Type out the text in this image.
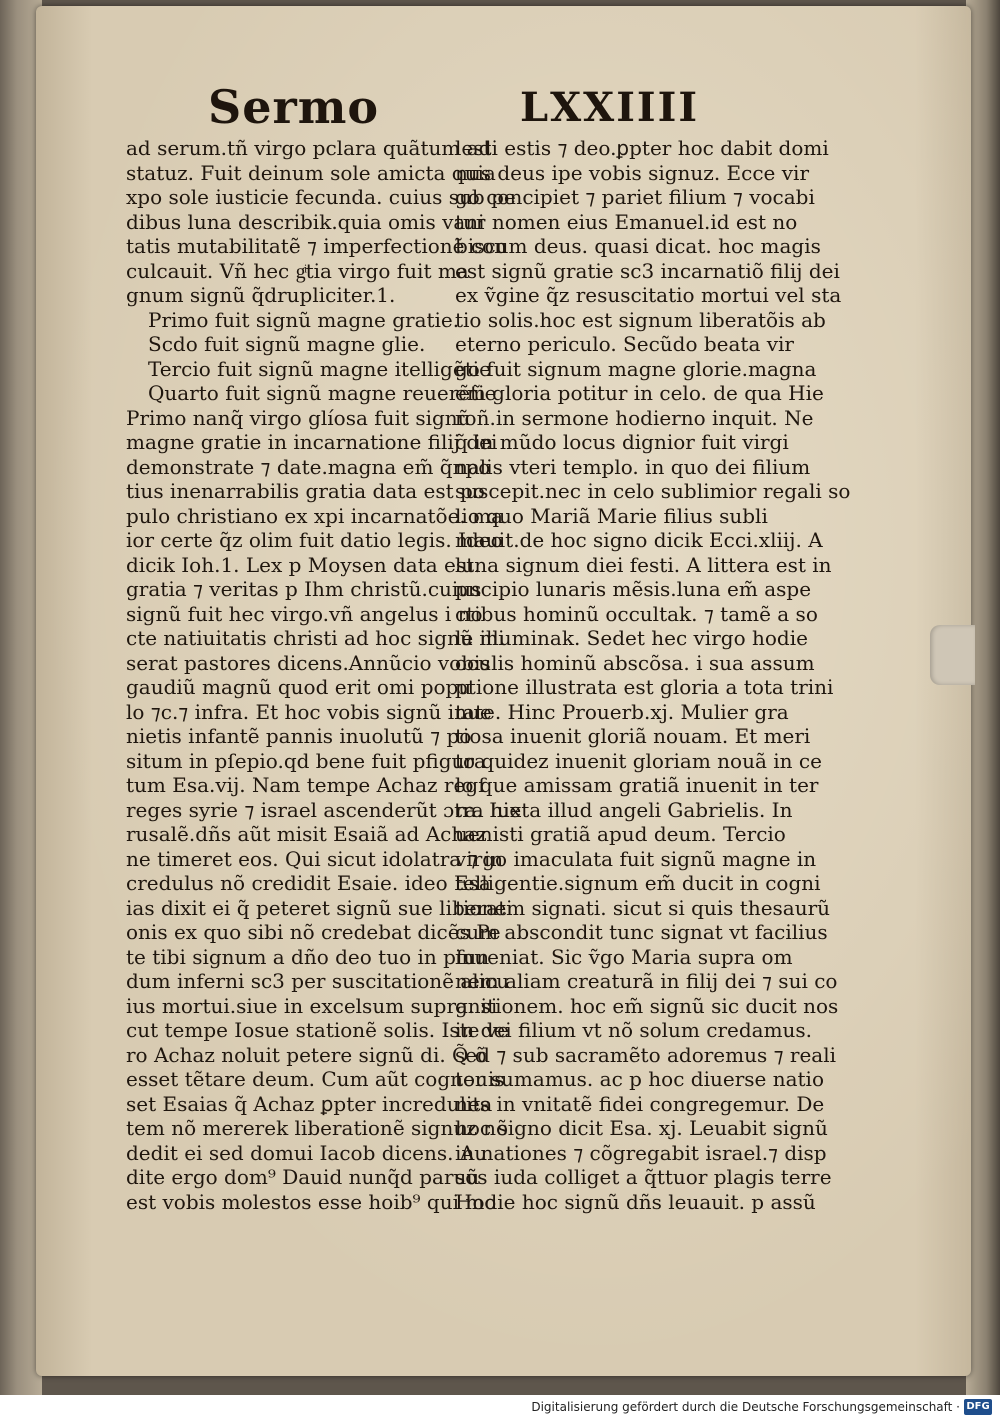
Sermo	LXXIIII
ad serum.tñ virgo pclara quãtum ad
statuz. Fuit deinum sole amicta quia
xpo sole iusticie fecunda. cuius sub pe
dibus luna describik.quia omis vani
tatis mutabilitatẽ ⁊ imperfectionẽ con
culcauit. Vñ hec gͥtia virgo fuit ma
gnum signũ q̃drupliciter.1.
Primo fuit signũ magne gratie.
Scdo fuit signũ magne glie.
Tercio fuit signũ magne itelligẽtie
Quarto fuit signũ magne reuerẽtie
Primo nanq̃ virgo glíosa fuit signũ
magne gratie in incarnatione filij dei
demonstrate ⁊ date.magna em̃ q̃npo
tius inenarrabilis gratia data est po
pulo christiano ex xpi incarnatõe. ma
ior certe q̃z olim fuit datio legis. Ideo
dicik Ioh.1. Lex p Moysen data est.
gratia ⁊ veritas p Ihm christũ.cuius
signũ fuit hec virgo.vñ angelus i no
cte natiuitatis christi ad hoc signũ mi
serat pastores dicens.Annũcio vobis
gaudiũ magnũ quod erit omi popu
lo ⁊c.⁊ infra. Et hoc vobis signũ inue
nietis infantẽ pannis inuolutũ ⁊ po
situm in pſepio.qd bene fuit pfigura
tum Esa.vij. Nam tempe Achaz regſ
reges syrie ⁊ israel ascenderũt ɔtra hie
rusalẽ.dñs aũt misit Esaiã ad Achaz
ne timeret eos. Qui sicut idolatra ⁊ in
credulus nõ credidit Esaie. ideo Esa
ias dixit ei q̃ peteret signũ sue liberati
onis ex quo sibi nõ credebat dicẽs Pe
te tibi signum a dño deo tuo in pfun
dum inferni sc3 per suscitationẽ alicu
ius mortui.siue in excelsum supra. si
cut tempe Iosue stationẽ solis. Iste ve
ro Achaz noluit petere signũ di. Q̃ õ
esset tẽtare deum. Cum aũt cognouis
set Esaias q̃ Achaz ꝑpter incredulita
tem nõ mererek liberationẽ signuz nõ
dedit ei sed domui Iacob dicens. Au
dite ergo dom⁹ Dauid nunq̃d paruũ
est vobis molestos esse hoib⁹ qui mo
lesti estis ⁊ deo.ꝑpter hoc dabit domi
nus deus ipe vobis signuz. Ecce vir
go concipiet ⁊ pariet filium ⁊ vocabi
tur nomen eius Emanuel.id est no
biscum deus. quasi dicat. hoc magis
est signũ gratie sc3 incarnatiõ filij dei
ex ṽgine q̃z resuscitatio mortui vel sta
tio solis.hoc est signum liberatõis ab
eterno periculo. Secũdo beata vir
go fuit signum magne glorie.magna
em̃ gloria potitur in celo. de qua Hie
roñ.in sermone hodierno inquit. Ne
q̃ in mũdo locus dignior fuit virgi
nalis vteri templo. in quo dei filium
suscepit.nec in celo sublimior regali so
lio quo Mariã Marie filius subli
mauit.de hoc signo dicik Ecci.xliij. A
luna signum diei festi. A littera est in
pncipio lunaris mẽsis.luna em̃ aspe
ctibus hominũ occultak. ⁊ tamẽ a so
le illuminak. Sedet hec virgo hodie
oculis hominũ abscõsa. i sua assum
ptione illustrata est gloria a tota trini
tate. Hinc Prouerb.xj. Mulier gra
tiosa inuenit gloriã nouam. Et meri
to quidez inuenit gloriam nouã in ce
lo que amissam gratiã inuenit in ter
ra. Iuxta illud angeli Gabrielis. In
uenisti gratiã apud deum. Tercio
virgo imaculata fuit signũ magne in
telligentie.signum em̃ ducit in cogni
tionem signati. sicut si quis thesaurũ
cum abscondit tunc signat vt facilius
inueniat. Sic ṽgo Maria supra om
nem aliam creaturã in filij dei ⁊ sui co
gnitionem. hoc em̃ signũ sic ducit nos
in dei filium vt nõ solum credamus.
sed ⁊ sub sacramẽto adoremus ⁊ reali
ter sumamus. ac p hoc diuerse natio
nes in vnitatẽ fidei congregemur. De
hoc signo dicit Esa. xj. Leuabit signũ
in nationes ⁊ cõgregabit israel.⁊ disp
sos iuda colliget a q̃ttuor plagis terre
Hodie hoc signũ dñs leuauit. p assũ
Digitalisierung gefördert durch die Deutsche Forschungsgemeinschaft · DFG
